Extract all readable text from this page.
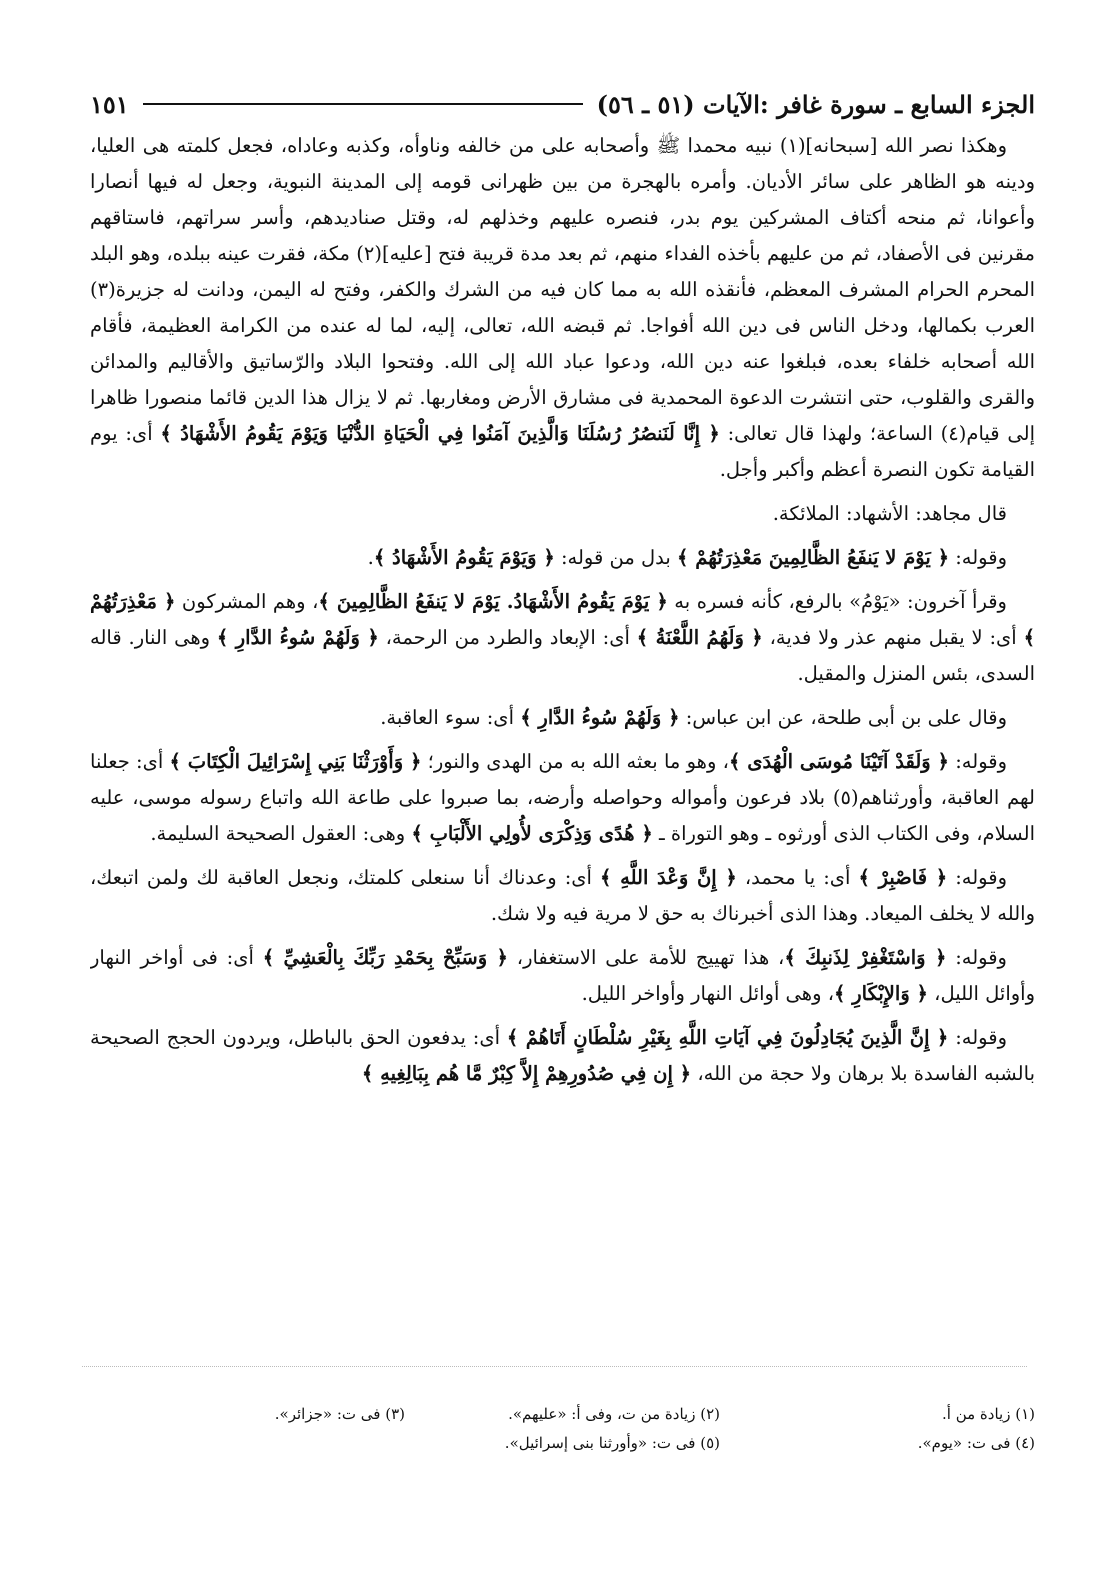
الجزء السابع ـ سورة غافر :الآيات (٥١ ـ ٥٦)
١٥١

وهكذا نصر الله [سبحانه](١) نبيه محمدا ﷺ وأصحابه على من خالفه وناوأه، وكذبه وعاداه، فجعل كلمته هى العليا، ودينه هو الظاهر على سائر الأديان. وأمره بالهجرة من بين ظهرانى قومه إلى المدينة النبوية، وجعل له فيها أنصارا وأعوانا، ثم منحه أكتاف المشركين يوم بدر، فنصره عليهم وخذلهم له، وقتل صناديدهم، وأسر سراتهم، فاستاقهم مقرنين فى الأصفاد، ثم من عليهم بأخذه الفداء منهم، ثم بعد مدة قريبة فتح [عليه](٢) مكة، فقرت عينه ببلده، وهو البلد المحرم الحرام المشرف المعظم، فأنقذه الله به مما كان فيه من الشرك والكفر، وفتح له اليمن، ودانت له جزيرة(٣) العرب بكمالها، ودخل الناس فى دين الله أفواجا. ثم قبضه الله، تعالى، إليه، لما له عنده من الكرامة العظيمة، فأقام الله أصحابه خلفاء بعده، فبلغوا عنه دين الله، ودعوا عباد الله إلى الله. وفتحوا البلاد والرّساتيق والأقاليم والمدائن والقرى والقلوب، حتى انتشرت الدعوة المحمدية فى مشارق الأرض ومغاربها. ثم لا يزال هذا الدين قائما منصورا ظاهرا إلى قيام(٤) الساعة؛ ولهذا قال تعالى: ﴿ إِنَّا لَنَنصُرُ رُسُلَنَا وَالَّذِينَ آمَنُوا فِي الْحَيَاةِ الدُّنْيَا وَيَوْمَ يَقُومُ الأَشْهَادُ ﴾ أى: يوم القيامة تكون النصرة أعظم وأكبر وأجل.

قال مجاهد: الأشهاد: الملائكة.

وقوله: ﴿ يَوْمَ لا يَنفَعُ الظَّالِمِينَ مَعْذِرَتُهُمْ ﴾ بدل من قوله: ﴿ وَيَوْمَ يَقُومُ الأَشْهَادُ ﴾.

وقرأ آخرون: «يَوْمُ» بالرفع، كأنه فسره به ﴿ يَوْمَ يَقُومُ الأَشْهَادُ. يَوْمَ لا يَنفَعُ الظَّالِمِينَ ﴾، وهم المشركون ﴿ مَعْذِرَتُهُمْ ﴾ أى: لا يقبل منهم عذر ولا فدية، ﴿ وَلَهُمُ اللَّعْنَةُ ﴾ أى: الإبعاد والطرد من الرحمة، ﴿ وَلَهُمْ سُوءُ الدَّارِ ﴾ وهى النار. قاله السدى، بئس المنزل والمقيل.

وقال على بن أبى طلحة، عن ابن عباس: ﴿ وَلَهُمْ سُوءُ الدَّارِ ﴾ أى: سوء العاقبة.

وقوله: ﴿ وَلَقَدْ آتَيْنَا مُوسَى الْهُدَى ﴾، وهو ما بعثه الله به من الهدى والنور؛ ﴿ وَأَوْرَثْنَا بَنِي إِسْرَائِيلَ الْكِتَابَ ﴾ أى: جعلنا لهم العاقبة، وأورثناهم(٥) بلاد فرعون وأمواله وحواصله وأرضه، بما صبروا على طاعة الله واتباع رسوله موسى، عليه السلام، وفى الكتاب الذى أورثوه ـ وهو التوراة ـ ﴿ هُدًى وَذِكْرَى لأُولِي الأَلْبَابِ ﴾ وهى: العقول الصحيحة السليمة.

وقوله: ﴿ فَاصْبِرْ ﴾ أى: يا محمد، ﴿ إِنَّ وَعْدَ اللَّهِ ﴾ أى: وعدناك أنا سنعلى كلمتك، ونجعل العاقبة لك ولمن اتبعك، والله لا يخلف الميعاد. وهذا الذى أخبرناك به حق لا مرية فيه ولا شك.

وقوله: ﴿ وَاسْتَغْفِرْ لِذَنبِكَ ﴾، هذا تهييج للأمة على الاستغفار، ﴿ وَسَبِّحْ بِحَمْدِ رَبِّكَ بِالْعَشِيِّ ﴾ أى: فى أواخر النهار وأوائل الليل، ﴿ وَالإِبْكَارِ ﴾، وهى أوائل النهار وأواخر الليل.

وقوله: ﴿ إِنَّ الَّذِينَ يُجَادِلُونَ فِي آيَاتِ اللَّهِ بِغَيْرِ سُلْطَانٍ أَتَاهُمْ ﴾ أى: يدفعون الحق بالباطل، ويردون الحجج الصحيحة بالشبه الفاسدة بلا برهان ولا حجة من الله، ﴿ إِن فِي صُدُورِهِمْ إِلاَّ كِبْرٌ مَّا هُم بِبَالِغِيهِ ﴾

(١) زيادة من أ.
(٢) زيادة من ت، وفى أ: «عليهم».
(٣) فى ت: «جزائر».
(٤) فى ت: «يوم».
(٥) فى ت: «وأورثنا بنى إسرائيل».
